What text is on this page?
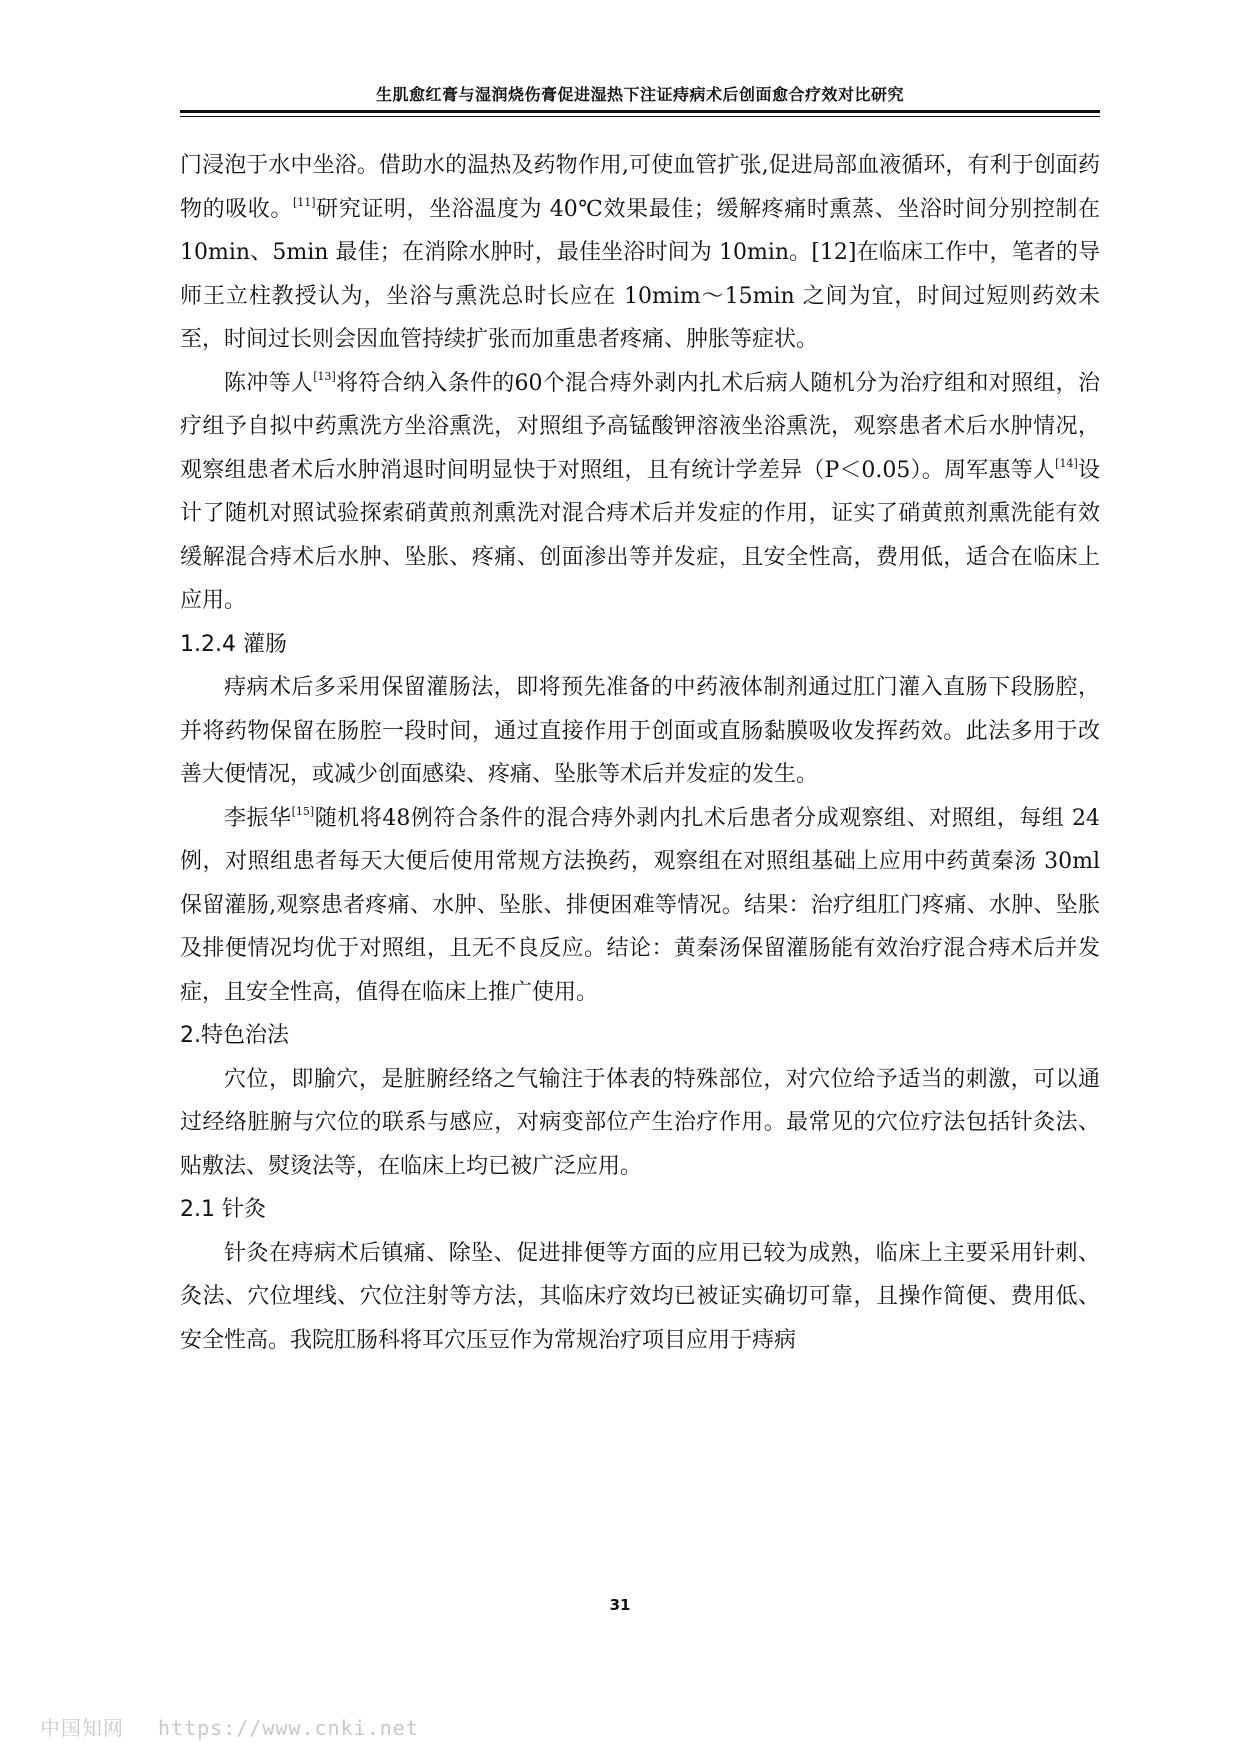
生肌愈红膏与湿润烧伤膏促进湿热下注证痔病术后创面愈合疗效对比研究

门浸泡于水中坐浴。借助水的温热及药物作用,可使血管扩张,促进局部血液循环，有利于创面药物的吸收。[11]研究证明，坐浴温度为 40℃效果最佳；缓解疼痛时熏蒸、坐浴时间分别控制在 10min、5min 最佳；在消除水肿时，最佳坐浴时间为 10min。[12]在临床工作中，笔者的导师王立柱教授认为，坐浴与熏洗总时长应在 10mim～15min 之间为宜，时间过短则药效未至，时间过长则会因血管持续扩张而加重患者疼痛、肿胀等症状。

陈冲等人[13]将符合纳入条件的60个混合痔外剥内扎术后病人随机分为治疗组和对照组，治疗组予自拟中药熏洗方坐浴熏洗，对照组予高锰酸钾溶液坐浴熏洗，观察患者术后水肿情况，观察组患者术后水肿消退时间明显快于对照组，且有统计学差异（P＜0.05）。周军惠等人[14]设计了随机对照试验探索硝黄煎剂熏洗对混合痔术后并发症的作用，证实了硝黄煎剂熏洗能有效缓解混合痔术后水肿、坠胀、疼痛、创面渗出等并发症，且安全性高，费用低，适合在临床上应用。

1.2.4 灌肠

痔病术后多采用保留灌肠法，即将预先准备的中药液体制剂通过肛门灌入直肠下段肠腔，并将药物保留在肠腔一段时间，通过直接作用于创面或直肠黏膜吸收发挥药效。此法多用于改善大便情况，或减少创面感染、疼痛、坠胀等术后并发症的发生。

李振华[15]随机将48例符合条件的混合痔外剥内扎术后患者分成观察组、对照组，每组 24 例，对照组患者每天大便后使用常规方法换药，观察组在对照组基础上应用中药黄秦汤 30ml 保留灌肠,观察患者疼痛、水肿、坠胀、排便困难等情况。结果：治疗组肛门疼痛、水肿、坠胀及排便情况均优于对照组，且无不良反应。结论：黄秦汤保留灌肠能有效治疗混合痔术后并发症，且安全性高，值得在临床上推广使用。

2.特色治法

穴位，即腧穴，是脏腑经络之气输注于体表的特殊部位，对穴位给予适当的刺激，可以通过经络脏腑与穴位的联系与感应，对病变部位产生治疗作用。最常见的穴位疗法包括针灸法、贴敷法、熨烫法等，在临床上均已被广泛应用。

2.1 针灸

针灸在痔病术后镇痛、除坠、促进排便等方面的应用已较为成熟，临床上主要采用针刺、灸法、穴位埋线、穴位注射等方法，其临床疗效均已被证实确切可靠，且操作简便、费用低、安全性高。我院肛肠科将耳穴压豆作为常规治疗项目应用于痔病

31
中国知网 https://www.cnki.net
